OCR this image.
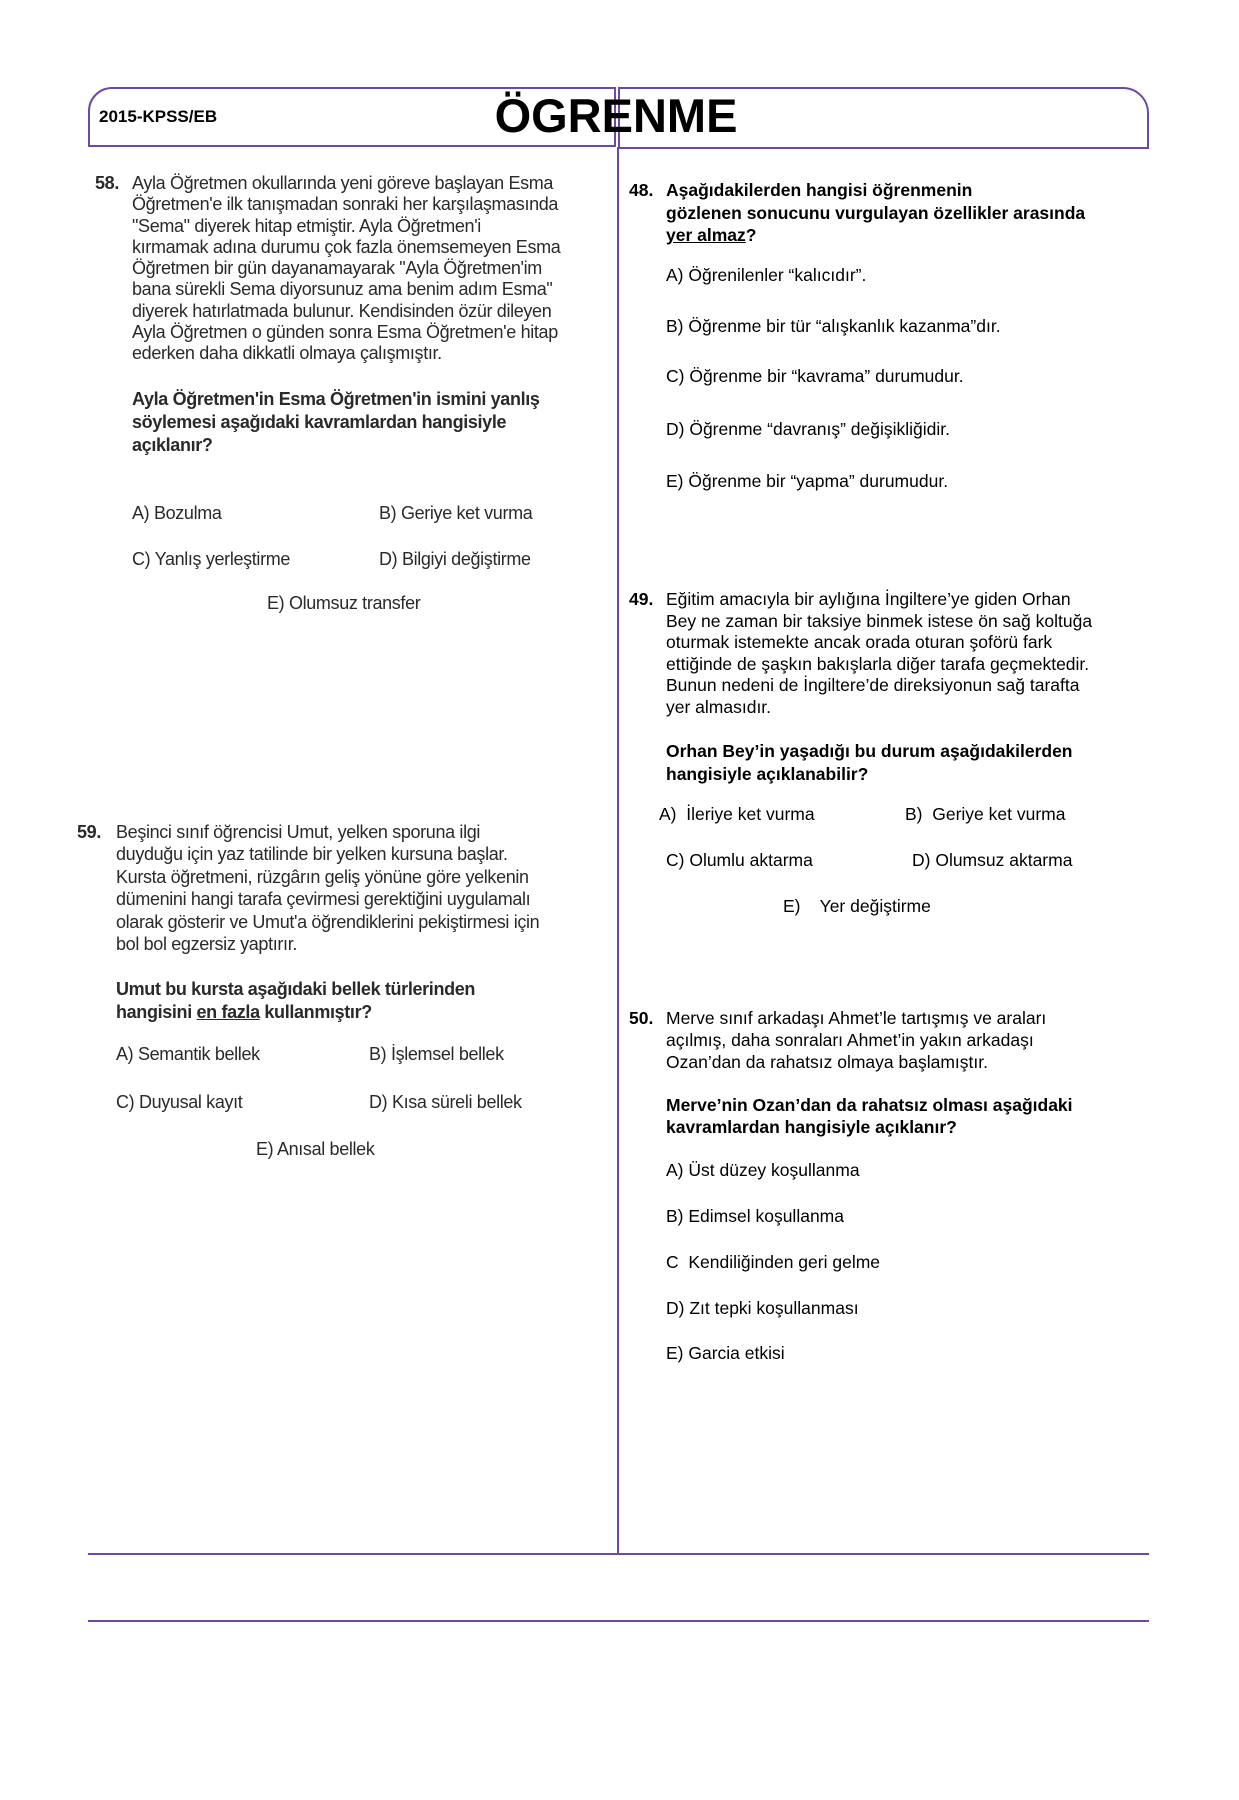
2015-KPSS/EB	ÖGRENME
58. Ayla Öğretmen okullarında yeni göreve başlayan Esma
Öğretmen'e ilk tanışmadan sonraki her karşılaşmasında
"Sema" diyerek hitap etmiştir. Ayla Öğretmen'i
kırmamak adına durumu çok fazla önemsemeyen Esma
Öğretmen bir gün dayanamayarak "Ayla Öğretmen'im
bana sürekli Sema diyorsunuz ama benim adım Esma"
diyerek hatırlatmada bulunur. Kendisinden özür dileyen
Ayla Öğretmen o günden sonra Esma Öğretmen'e hitap
ederken daha dikkatli olmaya çalışmıştır.
Ayla Öğretmen'in Esma Öğretmen'in ismini yanlış
söylemesi aşağıdaki kavramlardan hangisiyle
açıklanır?
A) Bozulma	B) Geriye ket vurma
C) Yanlış yerleştirme	D) Bilgiyi değiştirme
E) Olumsuz transfer
59. Beşinci sınıf öğrencisi Umut, yelken sporuna ilgi
duyduğu için yaz tatilinde bir yelken kursuna başlar.
Kursta öğretmeni, rüzgârın geliş yönüne göre yelkenin
dümenini hangi tarafa çevirmesi gerektiğini uygulamalı
olarak gösterir ve Umut'a öğrendiklerini pekiştirmesi için
bol bol egzersiz yaptırır.
Umut bu kursta aşağıdaki bellek türlerinden
hangisini en fazla kullanmıştır?
A) Semantik bellek	B) İşlemsel bellek
C) Duyusal kayıt	D) Kısa süreli bellek
E) Anısal bellek
48. Aşağıdakilerden hangisi öğrenmenin
gözlenen sonucunu vurgulayan özellikler arasında
yer almaz?
A) Öğrenilenler “kalıcıdır”.
B) Öğrenme bir tür “alışkanlık kazanma”dır.
C) Öğrenme bir “kavrama” durumudur.
D) Öğrenme “davranış” değişikliğidir.
E) Öğrenme bir “yapma” durumudur.
49. Eğitim amacıyla bir aylığına İngiltere’ye giden Orhan
Bey ne zaman bir taksiye binmek istese ön sağ koltuğa
oturmak istemekte ancak orada oturan şoförü fark
ettiğinde de şaşkın bakışlarla diğer tarafa geçmektedir.
Bunun nedeni de İngiltere’de direksiyonun sağ tarafta
yer almasıdır.
Orhan Bey’in yaşadığı bu durum aşağıdakilerden
hangisiyle açıklanabilir?
A)  İleriye ket vurma	B)  Geriye ket vurma
C) Olumlu aktarma	D) Olumsuz aktarma
E)    Yer değiştirme
50. Merve sınıf arkadaşı Ahmet’le tartışmış ve araları
açılmış, daha sonraları Ahmet’in yakın arkadaşı
Ozan’dan da rahatsız olmaya başlamıştır.
Merve’nin Ozan’dan da rahatsız olması aşağıdaki
kavramlardan hangisiyle açıklanır?
A) Üst düzey koşullanma
B) Edimsel koşullanma
C  Kendiliğinden geri gelme
D) Zıt tepki koşullanması
E) Garcia etkisi
